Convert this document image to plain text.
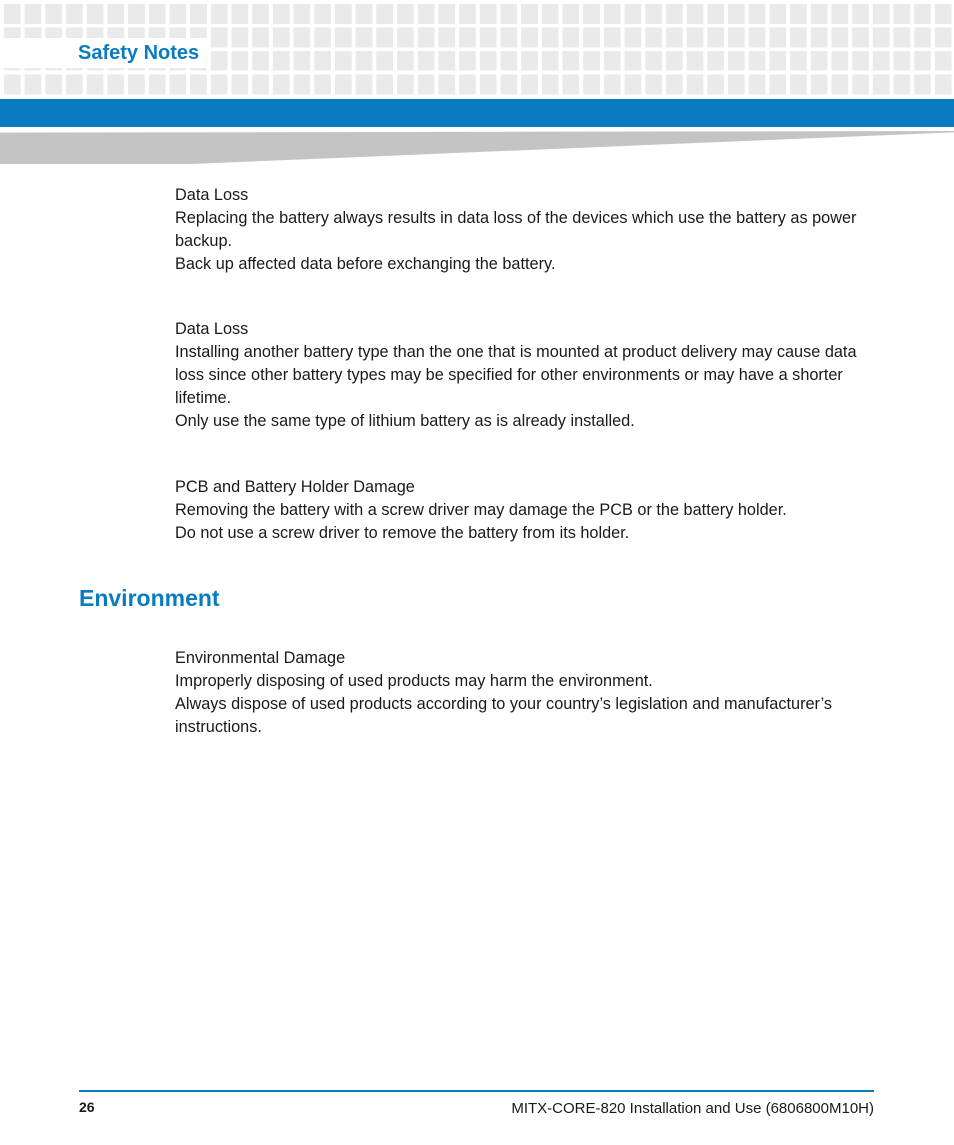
Safety Notes

Data Loss

Replacing the battery always results in data loss of the devices which use the battery as power backup.

Back up affected data before exchanging the battery.

Data Loss

Installing another battery type than the one that is mounted at product delivery may cause data loss since other battery types may be specified for other environments or may have a shorter lifetime.

Only use the same type of lithium battery as is already installed.

PCB and Battery Holder Damage

Removing the battery with a screw driver may damage the PCB or the battery holder.

Do not use a screw driver to remove the battery from its holder.

Environment

Environmental Damage

Improperly disposing of used products may harm the environment.

Always dispose of used products according to your country’s legislation and manufacturer’s instructions.

26	MITX-CORE-820 Installation and Use (6806800M10H)
